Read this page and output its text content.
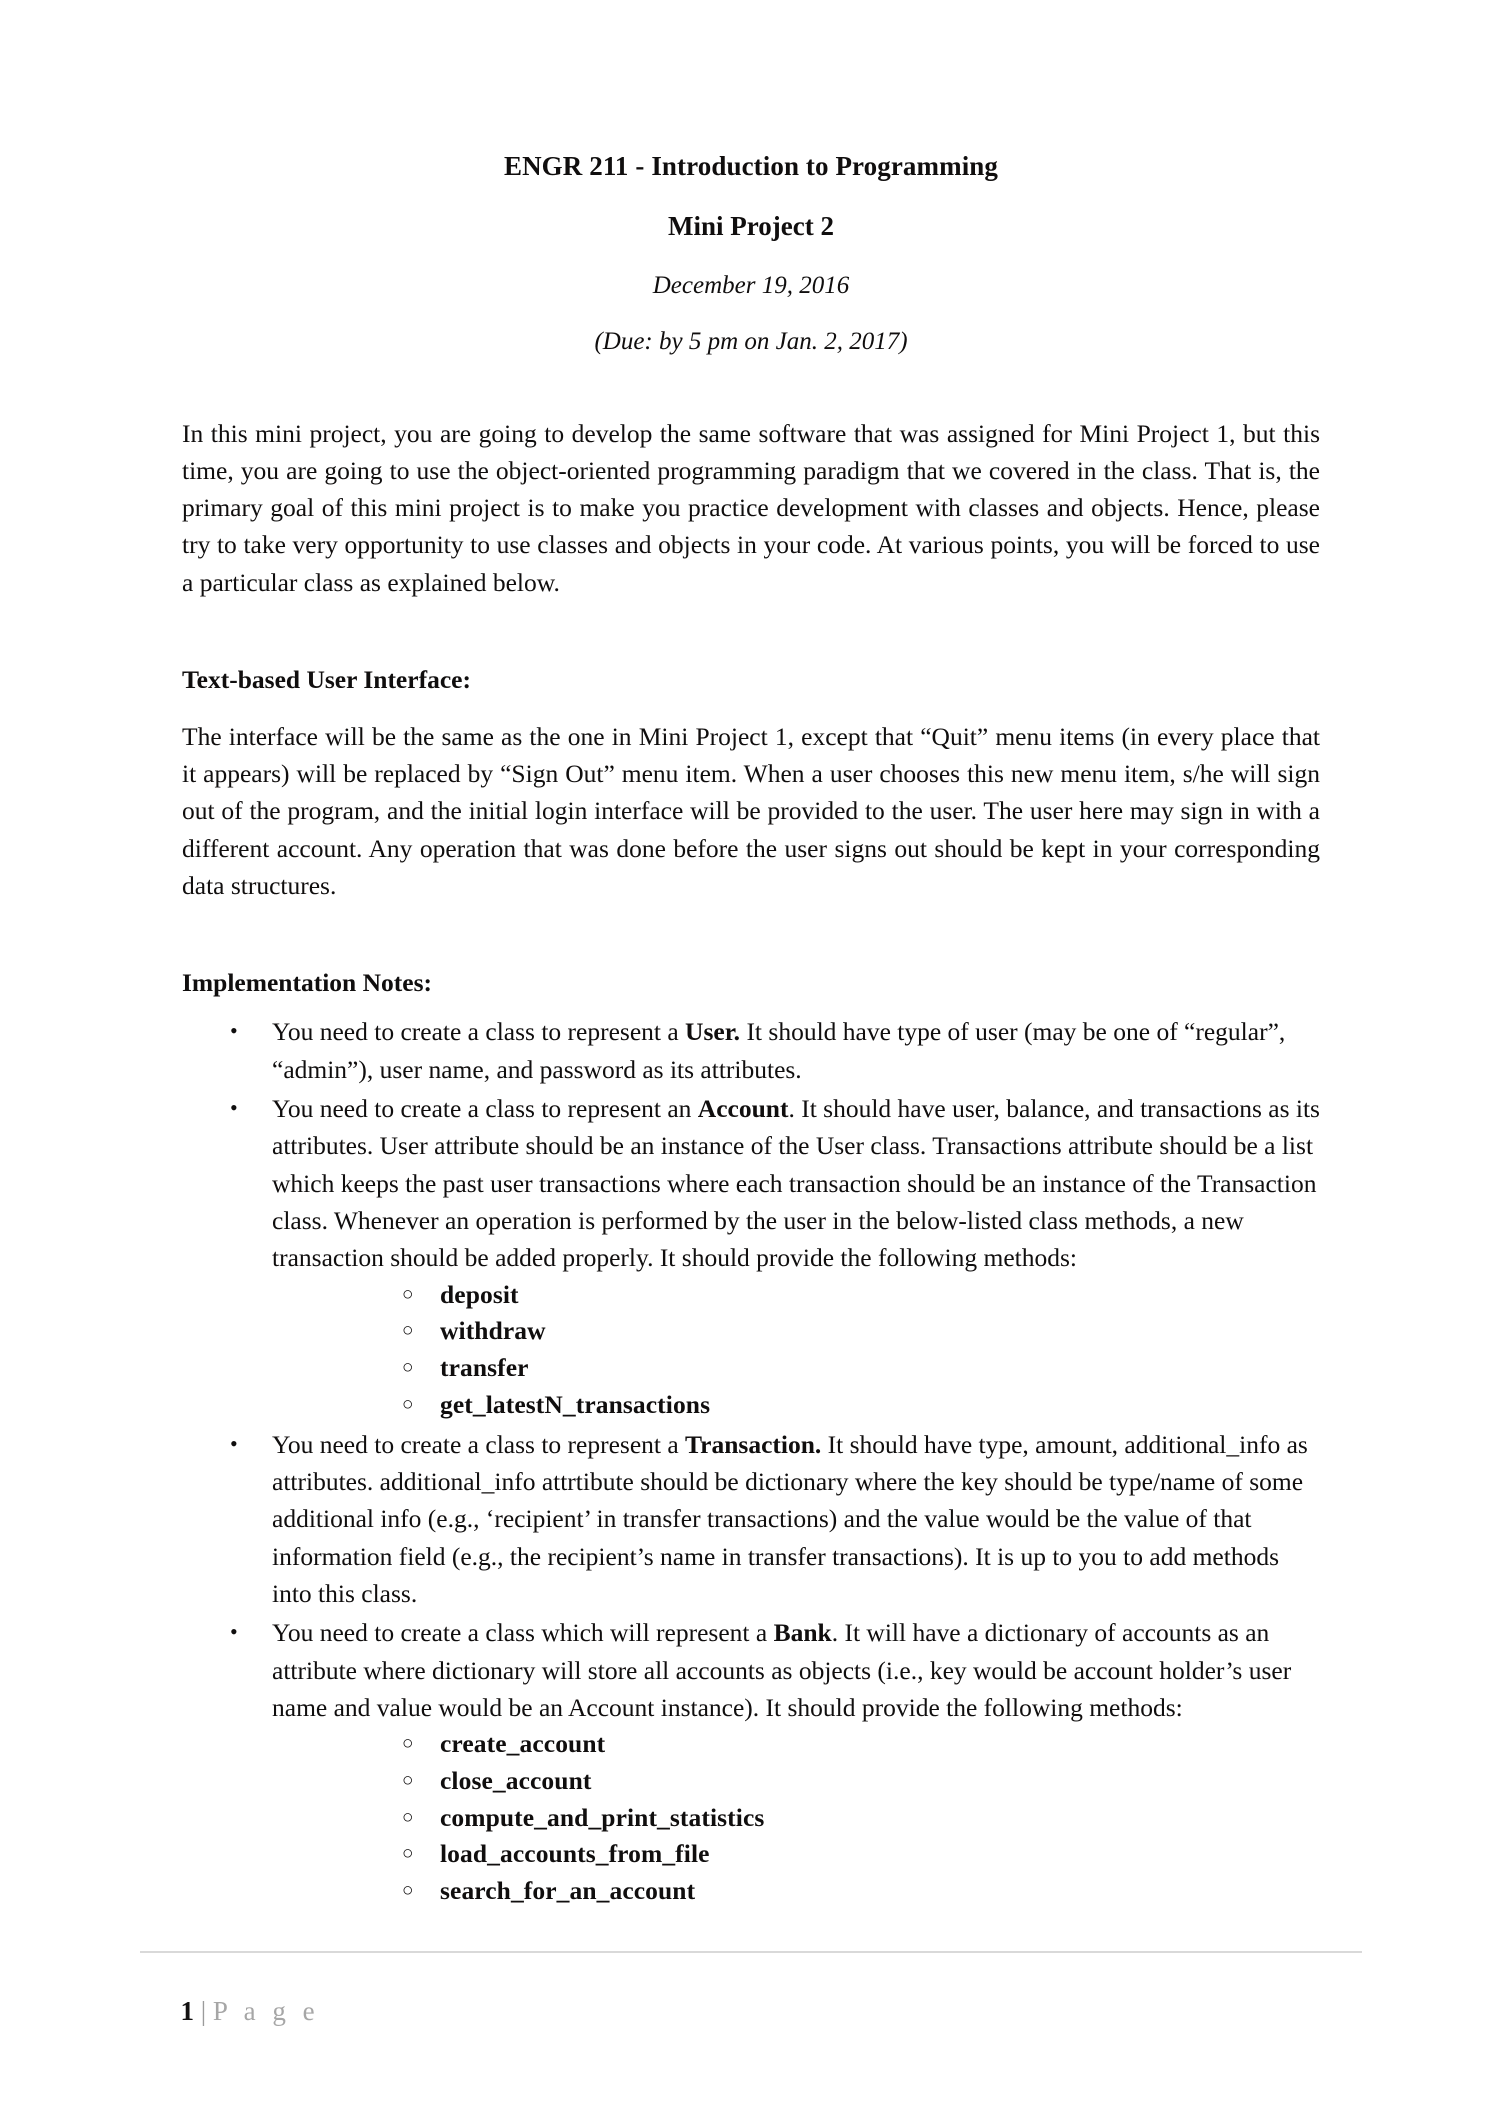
ENGR 211 - Introduction to Programming
Mini Project 2
December 19, 2016
(Due: by 5 pm on Jan. 2, 2017)

In this mini project, you are going to develop the same software that was assigned for Mini Project 1, but this time, you are going to use the object-oriented programming paradigm that we covered in the class. That is, the primary goal of this mini project is to make you practice development with classes and objects. Hence, please try to take very opportunity to use classes and objects in your code. At various points, you will be forced to use a particular class as explained below.

Text-based User Interface:

The interface will be the same as the one in Mini Project 1, except that “Quit” menu items (in every place that it appears) will be replaced by “Sign Out” menu item. When a user chooses this new menu item, s/he will sign out of the program, and the initial login interface will be provided to the user. The user here may sign in with a different account. Any operation that was done before the user signs out should be kept in your corresponding data structures.

Implementation Notes:
• You need to create a class to represent a User. It should have type of user (may be one of “regular”, “admin”), user name, and password as its attributes.
• You need to create a class to represent an Account. It should have user, balance, and transactions as its attributes. User attribute should be an instance of the User class. Transactions attribute should be a list which keeps the past user transactions where each transaction should be an instance of the Transaction class. Whenever an operation is performed by the user in the below-listed class methods, a new transaction should be added properly. It should provide the following methods:
○ deposit
○ withdraw
○ transfer
○ get_latestN_transactions
• You need to create a class to represent a Transaction. It should have type, amount, additional_info as attributes. additional_info attrtibute should be dictionary where the key should be type/name of some additional info (e.g., ‘recipient’ in transfer transactions) and the value would be the value of that information field (e.g., the recipient’s name in transfer transactions). It is up to you to add methods into this class.
• You need to create a class which will represent a Bank. It will have a dictionary of accounts as an attribute where dictionary will store all accounts as objects (i.e., key would be account holder’s user name and value would be an Account instance). It should provide the following methods:
○ create_account
○ close_account
○ compute_and_print_statistics
○ load_accounts_from_file
○ search_for_an_account

1 | P a g e
